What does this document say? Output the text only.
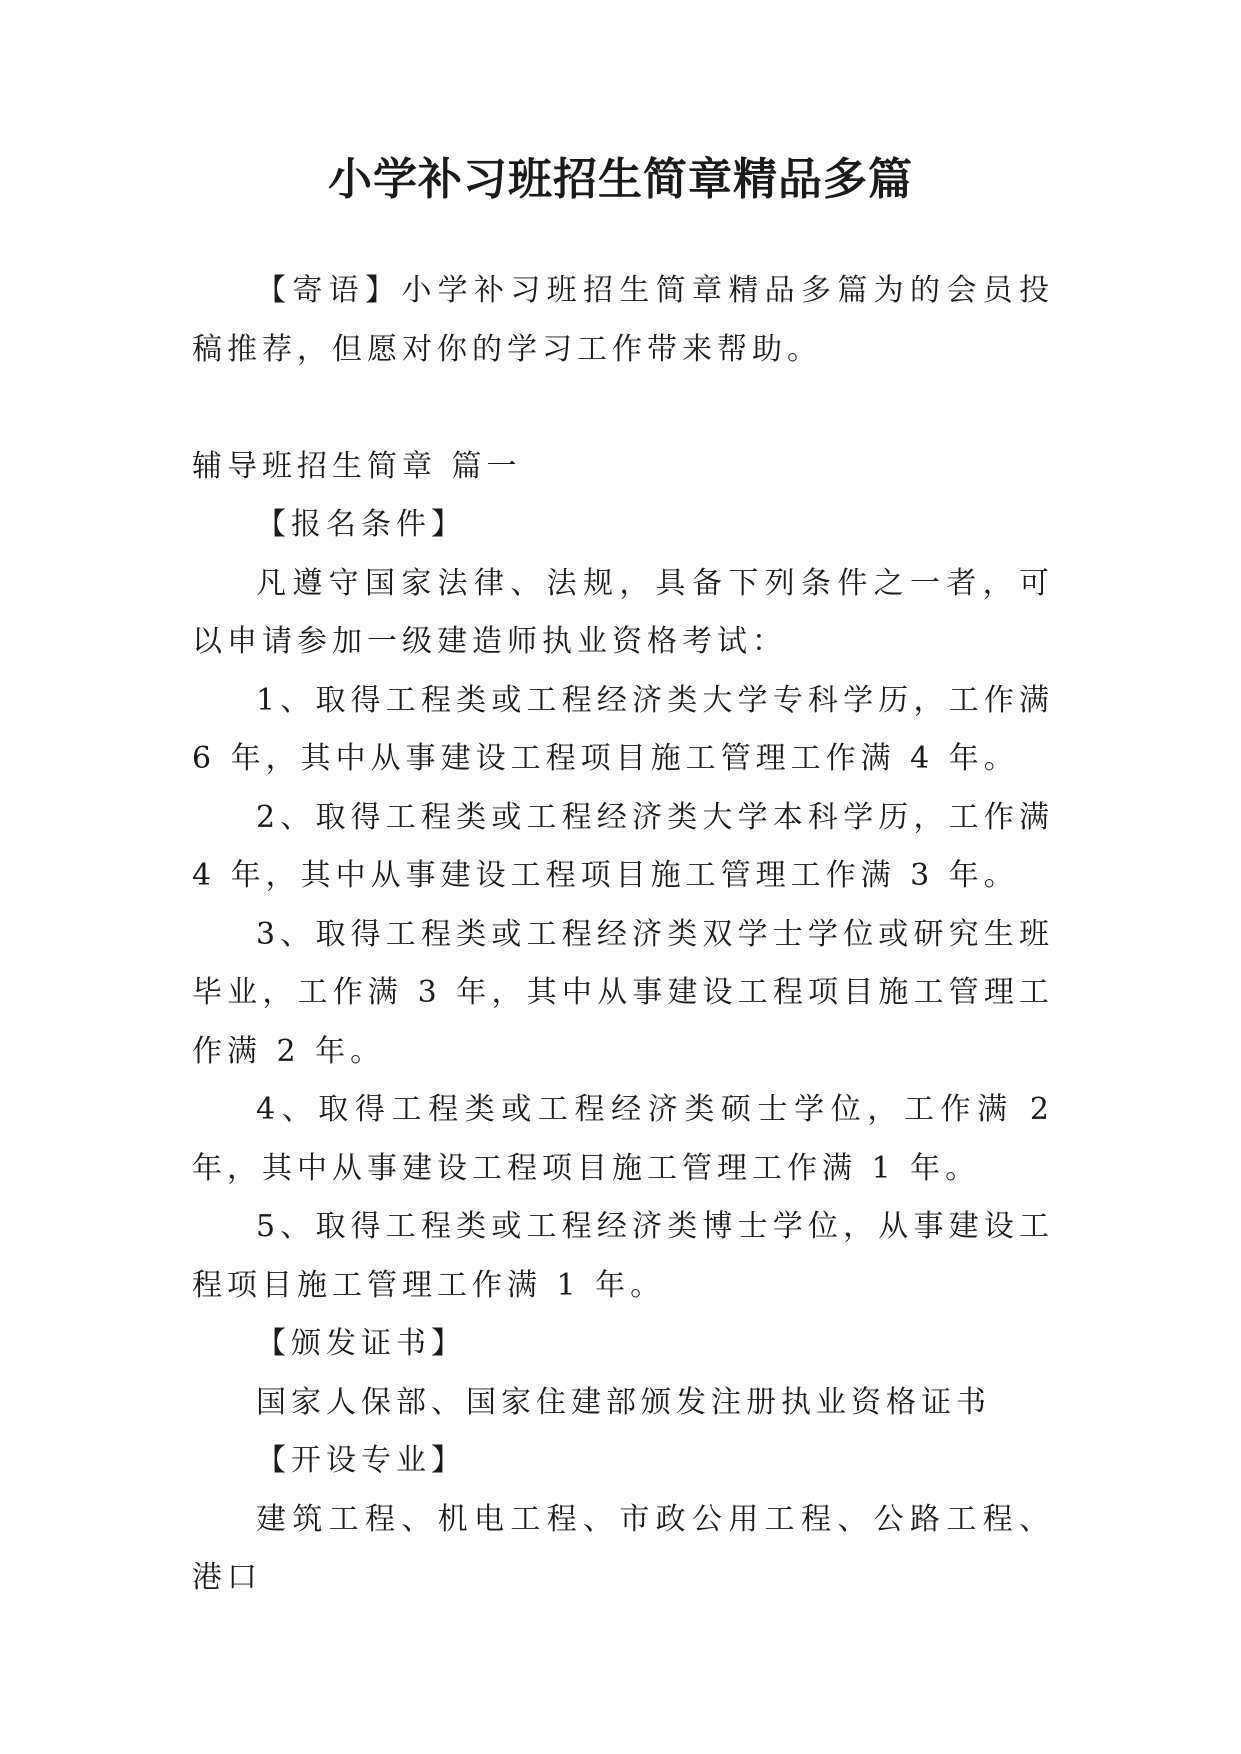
小学补习班招生简章精品多篇

【寄语】小学补习班招生简章精品多篇为的会员投稿推荐，但愿对你的学习工作带来帮助。

辅导班招生简章 篇一

【报名条件】

凡遵守国家法律、法规，具备下列条件之一者，可以申请参加一级建造师执业资格考试：

1、取得工程类或工程经济类大学专科学历，工作满 6 年，其中从事建设工程项目施工管理工作满 4 年。

2、取得工程类或工程经济类大学本科学历，工作满 4 年，其中从事建设工程项目施工管理工作满 3 年。

3、取得工程类或工程经济类双学士学位或研究生班毕业，工作满 3 年，其中从事建设工程项目施工管理工作满 2 年。

4、取得工程类或工程经济类硕士学位，工作满 2 年，其中从事建设工程项目施工管理工作满 1 年。

5、取得工程类或工程经济类博士学位，从事建设工程项目施工管理工作满 1 年。

【颁发证书】

国家人保部、国家住建部颁发注册执业资格证书

【开设专业】

建筑工程、机电工程、市政公用工程、公路工程、港口
